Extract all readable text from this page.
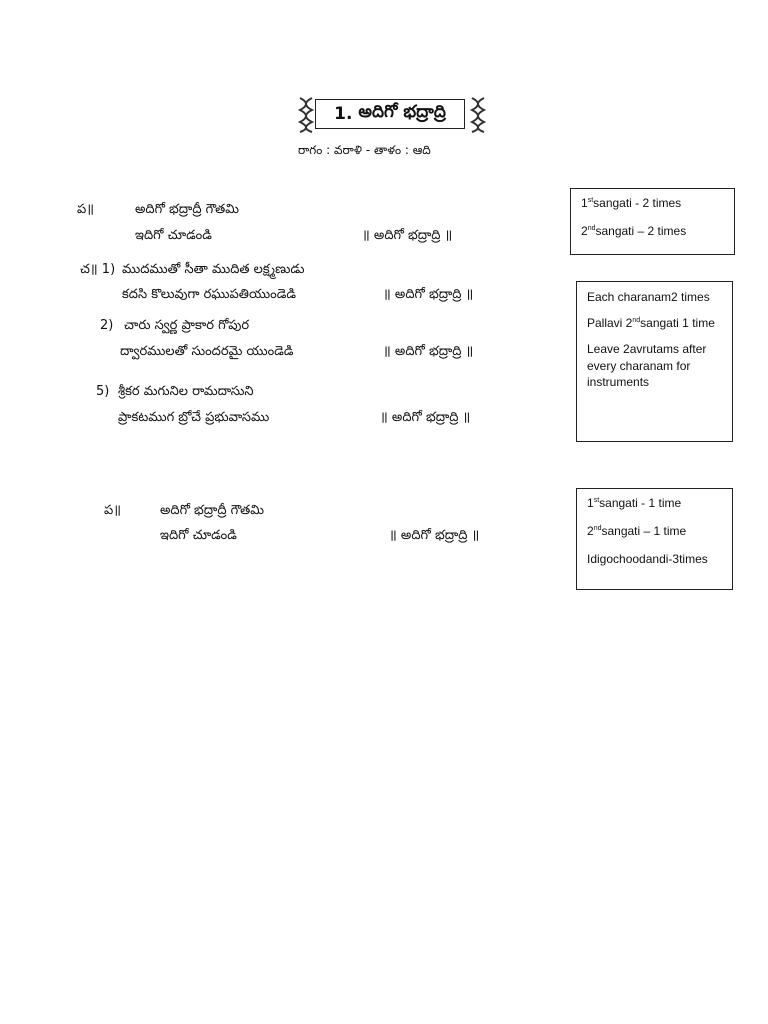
1.
అదిగో భద్రాద్రి
రాగం : వరాళి - తాళం : ఆది
ప॥	అదిగో భద్రాద్రీ గౌతమి
ఇదిగో చూడండి	॥ అదిగో భద్రాద్రి ॥
చ॥ 1) ముదముతో సీతా ముదిత లక్ష్మణుడు
కదసి కొలువుగా రఘుపతియుండెడి	॥ అదిగో భద్రాద్రి ॥
2) చారు స్వర్ణ ప్రాకార గోపుర
ద్వారములతో సుందరమై యుండెడి	॥ అదిగో భద్రాద్రి ॥
5) శ్రీకర మగునిల రామదాసుని
ప్రాకటముగ బ్రోచే ప్రభువాసము	॥ అదిగో భద్రాద్రి ॥
ప॥	అదిగో భద్రాద్రీ గౌతమి
ఇదిగో చూడండి	॥ అదిగో భద్రాద్రి ॥

1stsangati - 2 times

2ndsangati – 2 times

Each charanam2 times

Pallavi 2ndsangati 1 time

Leave 2avrutams after every charanam for instruments

1stsangati - 1 time

2ndsangati – 1 time

Idigochoodandi-3times
